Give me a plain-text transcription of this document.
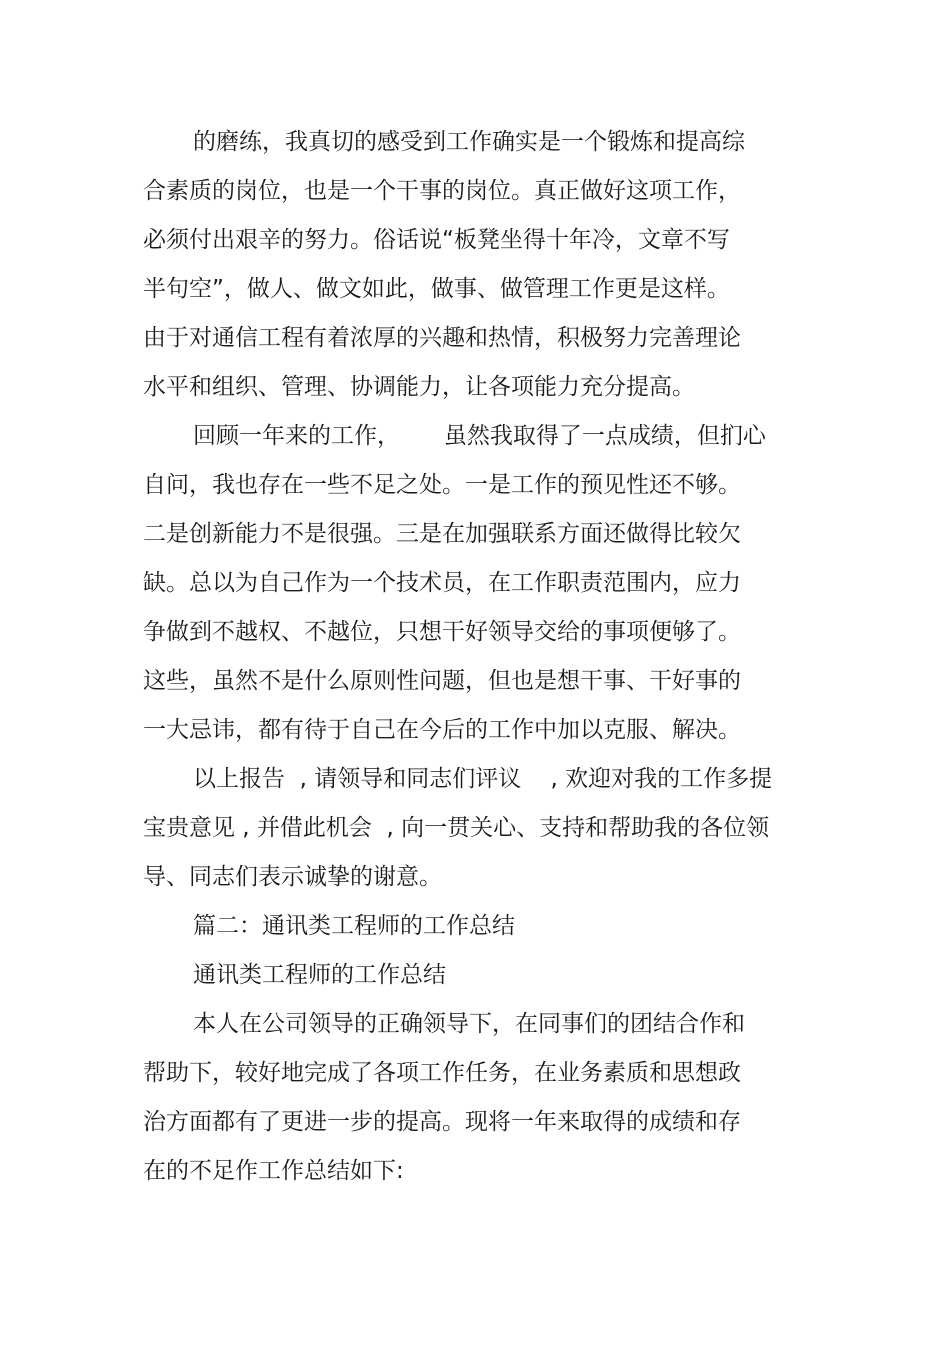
的磨练，我真切的感受到工作确实是一个锻炼和提高综
合素质的岗位，也是一个干事的岗位。真正做好这项工作，
必须付出艰辛的努力。俗话说“板凳坐得十年冷，文章不写
半句空”，做人、做文如此，做事、做管理工作更是这样。
由于对通信工程有着浓厚的兴趣和热情，积极努力完善理论
水平和组织、管理、协调能力，让各项能力充分提高。
回顾一年来的工作，      虽然我取得了一点成绩，但扪心
自问，我也存在一些不足之处。一是工作的预见性还不够。
二是创新能力不是很强。三是在加强联系方面还做得比较欠
缺。总以为自己作为一个技术员，在工作职责范围内，应力
争做到不越权、不越位，只想干好领导交给的事项便够了。
这些，虽然不是什么原则性问题，但也是想干事、干好事的
一大忌讳，都有待于自己在今后的工作中加以克服、解决。
以上报告  , 请领导和同志们评议    , 欢迎对我的工作多提
宝贵意见 , 并借此机会  , 向一贯关心、支持和帮助我的各位领
导、同志们表示诚挚的谢意。
篇二：通讯类工程师的工作总结
通讯类工程师的工作总结
本人在公司领导的正确领导下，在同事们的团结合作和
帮助下，较好地完成了各项工作任务，在业务素质和思想政
治方面都有了更进一步的提高。现将一年来取得的成绩和存
在的不足作工作总结如下:
